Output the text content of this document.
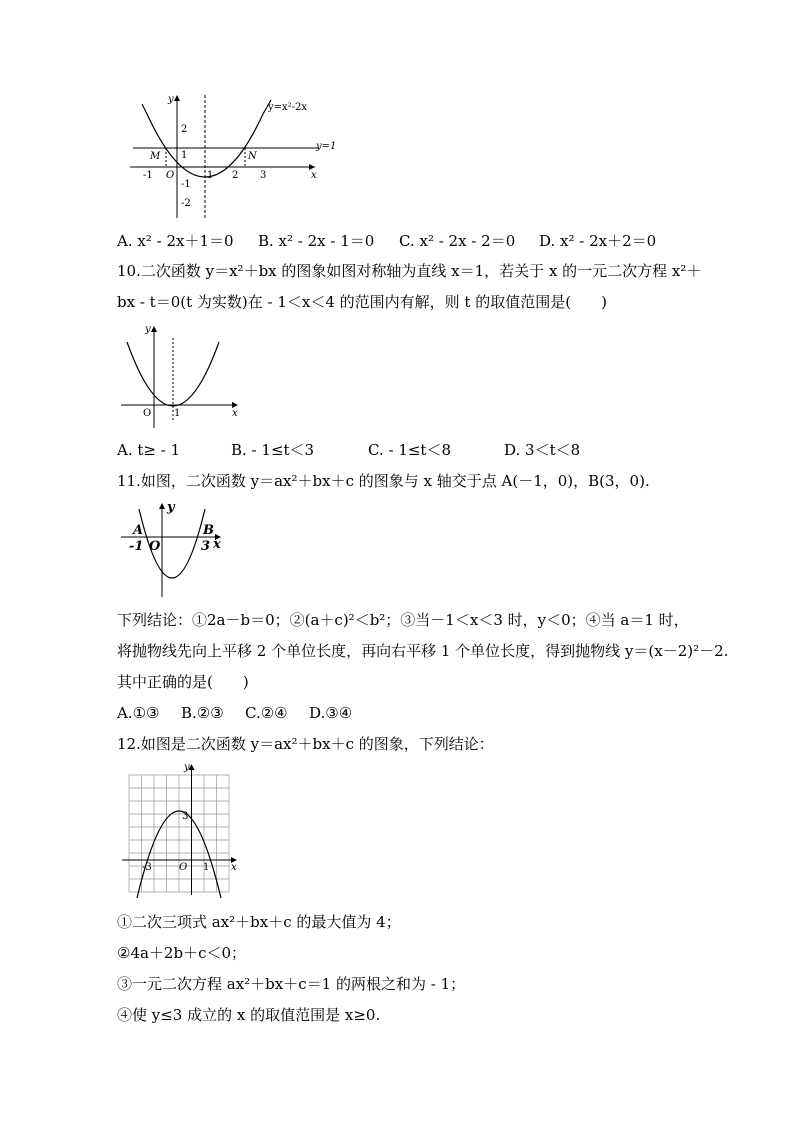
y=x²-2x
y=1
x
y
O
M	N
-1	1 2 3
2
1
-1
-2
A. x² - 2x＋1＝0 B. x² - 2x - 1＝0 C. x² - 2x - 2＝0 D. x² - 2x＋2＝0
10.二次函数 y＝x²＋bx 的图象如图对称轴为直线 x＝1，若关于 x 的一元二次方程 x²＋
bx - t＝0(t 为实数)在 - 1＜x＜4 的范围内有解，则 t 的取值范围是(　　)
y
x
O 1
A. t≥ - 1	B. - 1≤t＜3	C. - 1≤t＜8	D. 3＜t＜8
11.如图，二次函数 y＝ax²＋bx＋c 的图象与 x 轴交于点 A(－1，0)，B(3，0).
y
x
A	B
-1 O	3
下列结论：①2a－b＝0；②(a＋c)²＜b²；③当－1＜x＜3 时，y＜0；④当 a＝1 时，
将抛物线先向上平移 2 个单位长度，再向右平移 1 个单位长度，得到抛物线 y＝(x－2)²－2.
其中正确的是(　　)
A.①③ B.②③ C.②④ D.③④
12.如图是二次函数 y＝ax²＋bx＋c 的图象，下列结论：
y
x
3
O
-3	1
①二次三项式 ax²＋bx＋c 的最大值为 4；
②4a＋2b＋c＜0；
③一元二次方程 ax²＋bx＋c＝1 的两根之和为 - 1；
④使 y≤3 成立的 x 的取值范围是 x≥0.
